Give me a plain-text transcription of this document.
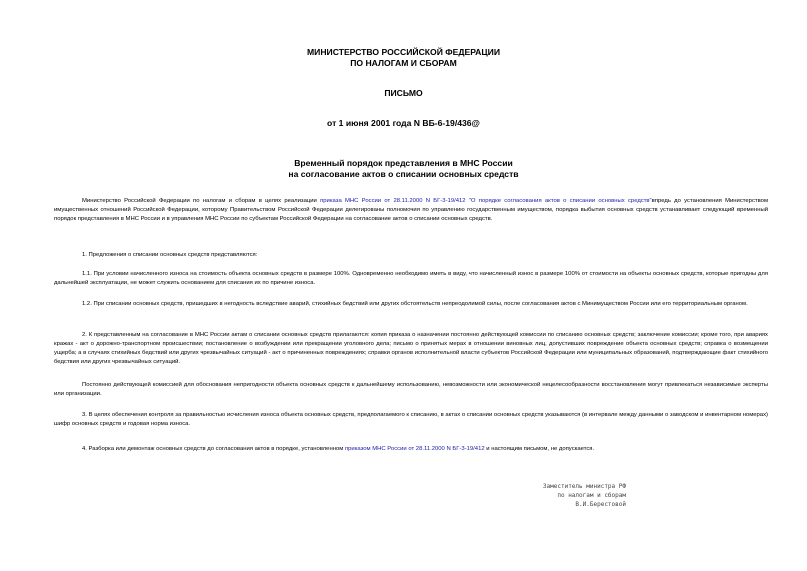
МИНИСТЕРСТВО РОССИЙСКОЙ ФЕДЕРАЦИИ
ПО НАЛОГАМ И СБОРАМ
ПИСЬМО
от 1 июня 2001 года N ВБ-6-19/436@
Временный порядок представления в МНС России
на согласование актов о списании основных средств
Министерство Российской Федерации по налогам и сборам в целях реализации приказа МНС России от 28.11.2000 N БГ-3-19/412 "О порядке согласования актов о списании основных средств"впредь до установления Министерством имущественных отношений Российской Федерации, которому Правительством Российской Федерации делегированы полномочия по управлению государственным имуществом, порядка выбытия основных средств устанавливает следующий временный порядок представления в МНС России и в управления МНС России по субъектам Российской Федерации на согласование актов о списании основных средств.
1. Предложения о списании основных средств представляются:
1.1. При условии начисленного износа на стоимость объекта основных средств в размере 100%. Одновременно необходимо иметь в виду, что начисленный износ в размере 100% от стоимости на объекты основных средств, которые пригодны для дальнейшей эксплуатации, не может служить основанием для списания их по причине износа.
1.2. При списании основных средств, пришедших в негодность вследствие аварий, стихийных бедствий или других обстоятельств непреодолимой силы, после согласования актов с Минимуществом России или его территориальным органом.
2. К представленным на согласование в МНС России актам о списании основных средств прилагаются: копия приказа о назначении постоянно действующей комиссии по списанию основных средств; заключение комиссии; кроме того, при авариях кражах - акт о дорожно-транспортном происшествии; постановление о возбуждении или прекращении уголовного дела; письмо о принятых мерах в отношении виновных лиц, допустивших повреждение объекта основных средств; справка о возмещении ущерба; а в случаях стихийных бедствий или других чрезвычайных ситуаций - акт о причиненных повреждениях; справки органов исполнительной власти субъектов Российской Федерации или муниципальных образований, подтверждающие факт стихийного бедствия или других чрезвычайных ситуаций.
Постоянно действующей комиссией для обоснования непригодности объекта основных средств к дальнейшему использованию, невозможности или экономической нецелесообразности восстановления могут привлекаться независимые эксперты или организации.
3. В целях обеспечения контроля за правильностью исчисления износа объекта основных средств, предполагаемого к списанию, в актах о списании основных средств указываются (в интервале между данными о заводском и инвентарном номерах) шифр основных средств и годовая норма износа.
4. Разборка или демонтаж основных средств до согласования актов в порядке, установленном приказом МНС России от 28.11.2000 N БГ-3-19/412 и настоящим письмом, не допускается.
Заместитель министра РФ
по налогам и сборам
В.И.Берестовой
